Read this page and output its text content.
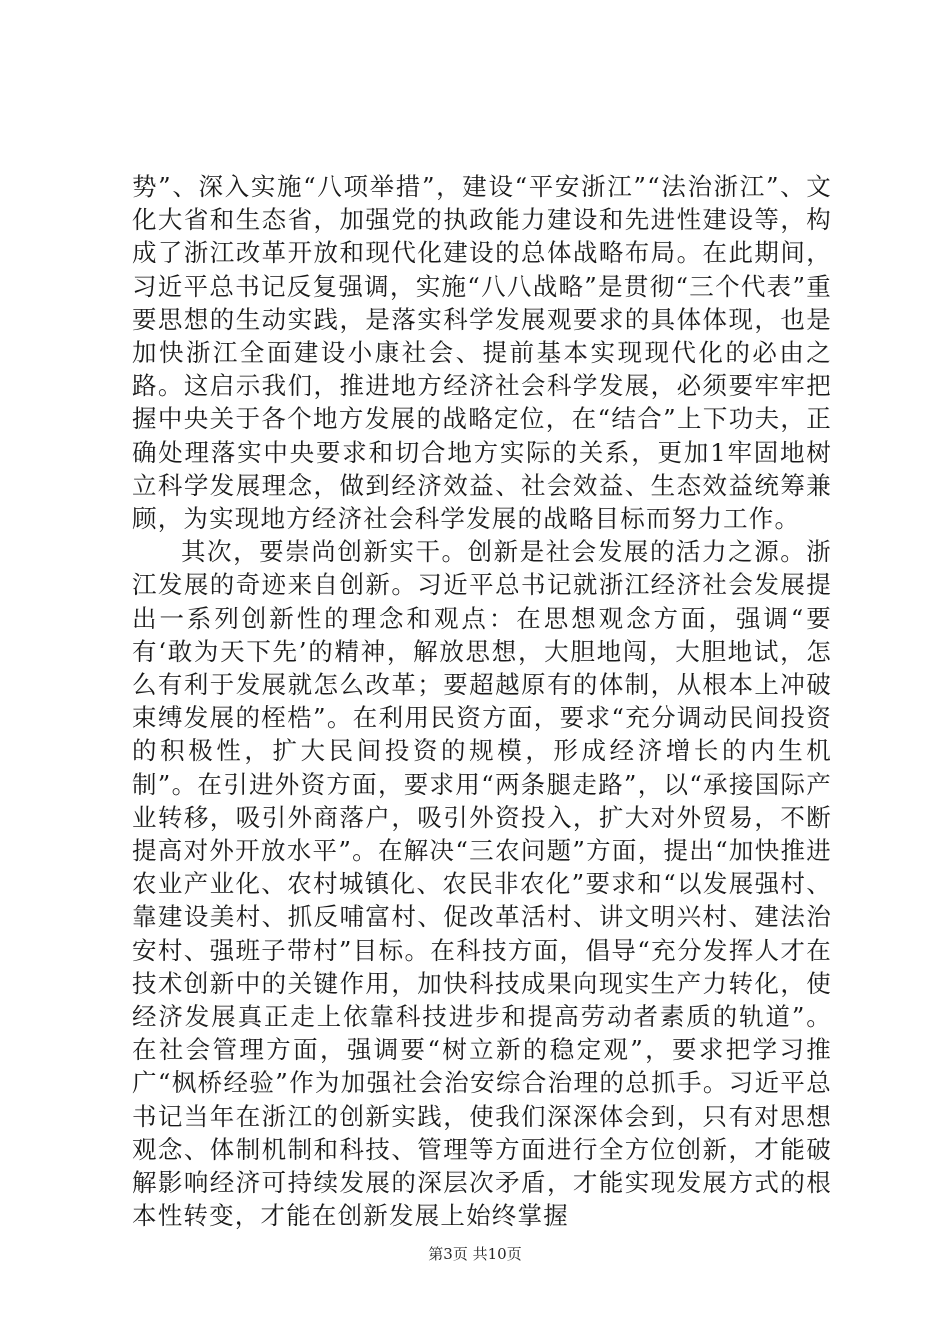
势”、深入实施“八项举措”，建设“平安浙江”“法治浙江”、文化大省和生态省，加强党的执政能力建设和先进性建设等，构成了浙江改革开放和现代化建设的总体战略布局。在此期间，习近平总书记反复强调，实施“八八战略”是贯彻“三个代表”重要思想的生动实践，是落实科学发展观要求的具体体现，也是加快浙江全面建设小康社会、提前基本实现现代化的必由之路。这启示我们，推进地方经济社会科学发展，必须要牢牢把握中央关于各个地方发展的战略定位，在“结合”上下功夫，正确处理落实中央要求和切合地方实际的关系，更加1牢固地树立科学发展理念，做到经济效益、社会效益、生态效益统筹兼顾，为实现地方经济社会科学发展的战略目标而努力工作。

其次，要崇尚创新实干。创新是社会发展的活力之源。浙江发展的奇迹来自创新。习近平总书记就浙江经济社会发展提出一系列创新性的理念和观点：在思想观念方面，强调“要有‘敢为天下先’的精神，解放思想，大胆地闯，大胆地试，怎么有利于发展就怎么改革；要超越原有的体制，从根本上冲破束缚发展的桎梏”。在利用民资方面，要求“充分调动民间投资的积极性，扩大民间投资的规模，形成经济增长的内生机制”。在引进外资方面，要求用“两条腿走路”，以“承接国际产业转移，吸引外商落户，吸引外资投入，扩大对外贸易，不断提高对外开放水平”。在解决“三农问题”方面，提出“加快推进农业产业化、农村城镇化、农民非农化”要求和“以发展强村、靠建设美村、抓反哺富村、促改革活村、讲文明兴村、建法治安村、强班子带村”目标。在科技方面，倡导“充分发挥人才在技术创新中的关键作用，加快科技成果向现实生产力转化，使经济发展真正走上依靠科技进步和提高劳动者素质的轨道”。在社会管理方面，强调要“树立新的稳定观”，要求把学习推广“枫桥经验”作为加强社会治安综合治理的总抓手。习近平总书记当年在浙江的创新实践，使我们深深体会到，只有对思想观念、体制机制和科技、管理等方面进行全方位创新，才能破解影响经济可持续发展的深层次矛盾，才能实现发展方式的根本性转变，才能在创新发展上始终掌握

第3页 共10页
